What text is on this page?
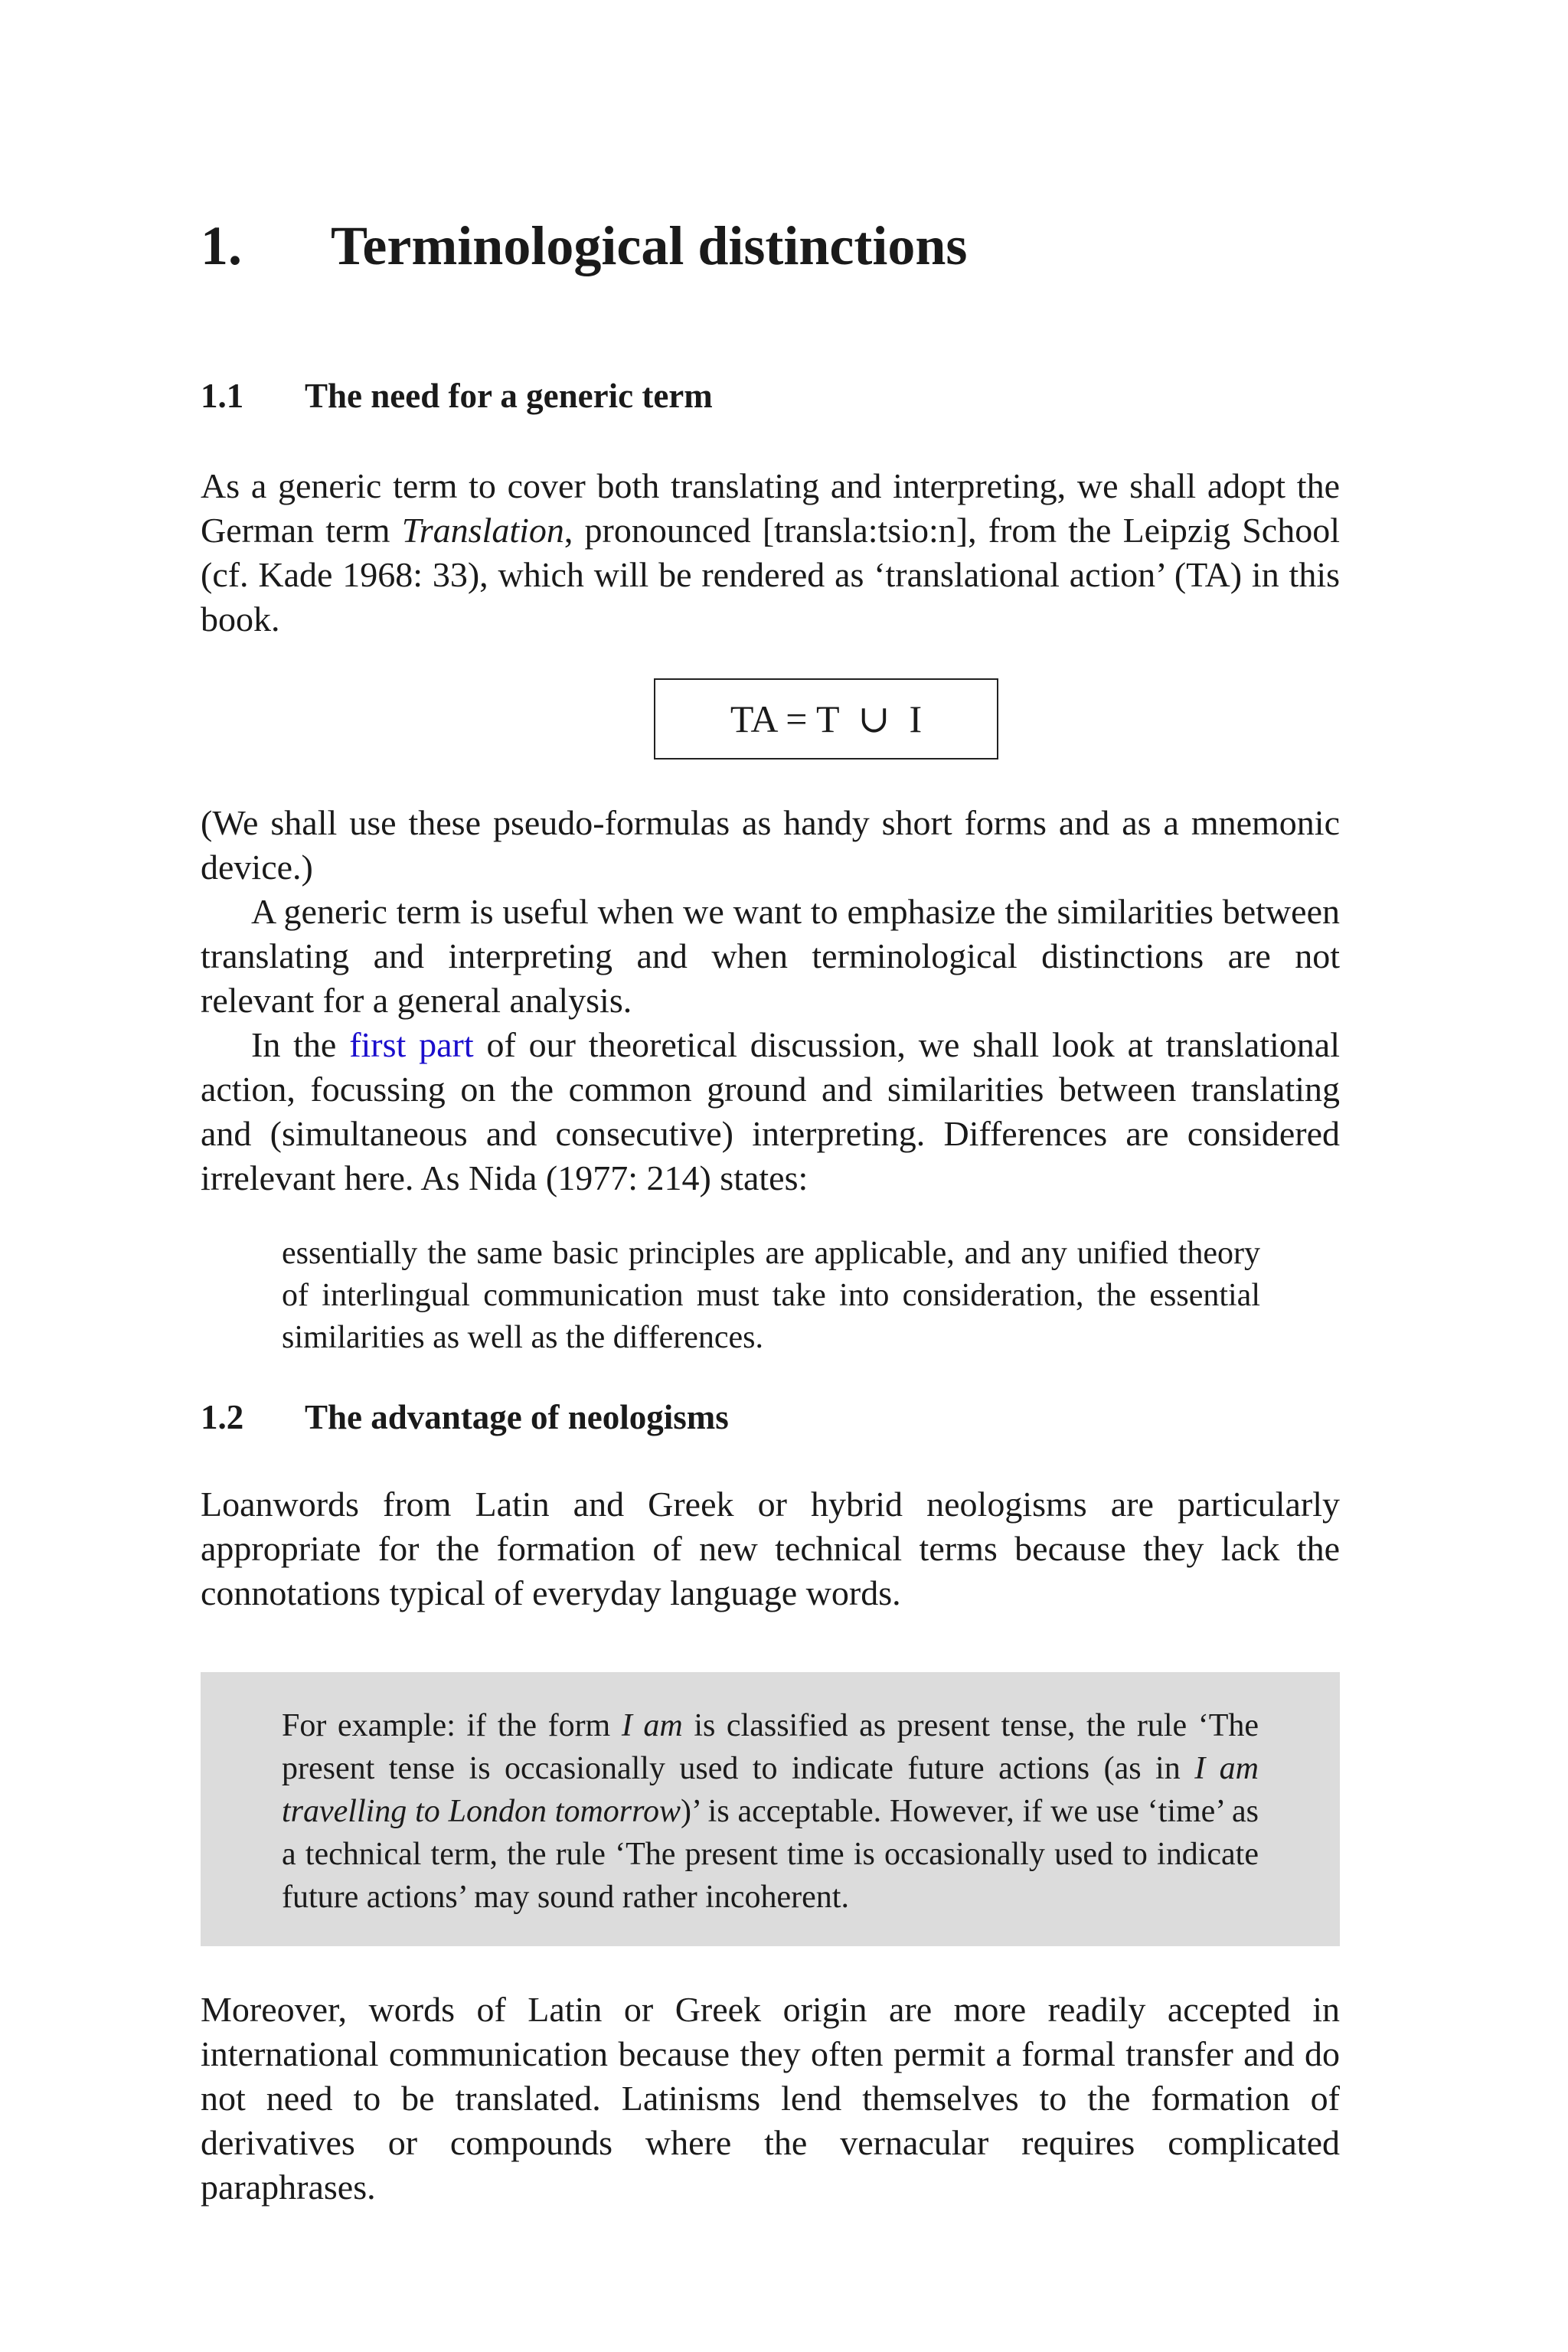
1.	Terminological distinctions
1.1	The need for a generic term

As a generic term to cover both translating and interpreting, we shall adopt the German term Translation, pronounced [transla:tsio:n], from the Leipzig School (cf. Kade 1968: 33), which will be rendered as ‘translational action’ (TA) in this book.

TA = T  ∪  I

(We shall use these pseudo-formulas as handy short forms and as a mnemonic device.)

A generic term is useful when we want to emphasize the similarities between translating and interpreting and when terminological distinctions are not relevant for a general analysis.

In the first part of our theoretical discussion, we shall look at translational action, focussing on the common ground and similarities between translating and (simultaneous and consecutive) interpreting. Differences are considered irrelevant here. As Nida (1977: 214) states:

essentially the same basic principles are applicable, and any unified theory of interlingual communication must take into consideration, the essential similarities as well as the differences.

1.2	The advantage of neologisms

Loanwords from Latin and Greek or hybrid neologisms are particularly appropriate for the formation of new technical terms because they lack the connotations typical of everyday language words.

For example: if the form I am is classified as present tense, the rule ‘The present tense is occasionally used to indicate future actions (as in I am travelling to London tomorrow)’ is acceptable. However, if we use ‘time’ as a technical term, the rule ‘The present time is occasionally used to indicate future actions’ may sound rather incoherent.

Moreover, words of Latin or Greek origin are more readily accepted in international communication because they often permit a formal transfer and do not need to be translated. Latinisms lend themselves to the formation of derivatives or compounds where the vernacular requires complicated paraphrases.
